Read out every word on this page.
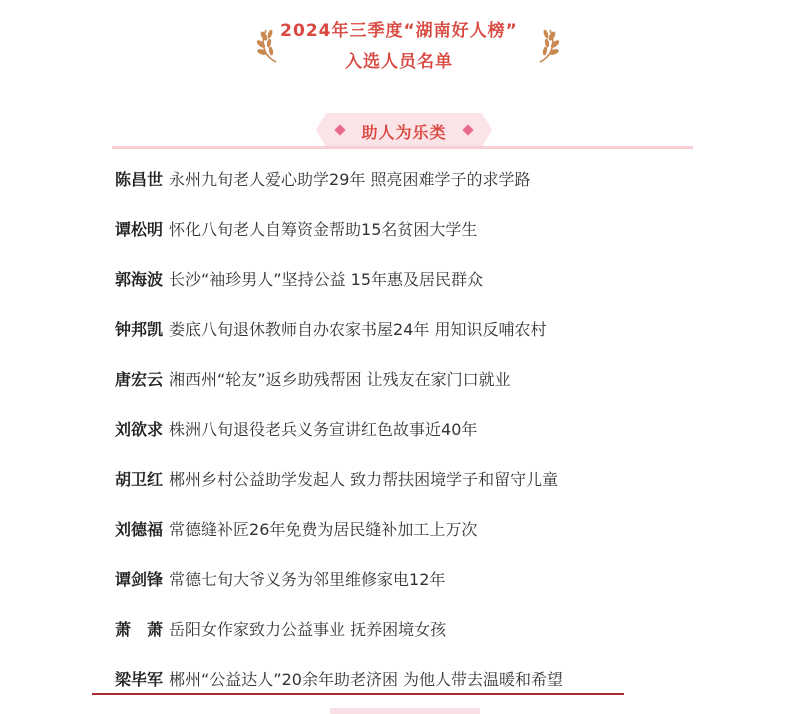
2024年三季度“湖南好人榜”
入选人员名单
助人为乐类
陈昌世 永州九旬老人爱心助学29年 照亮困难学子的求学路
谭松明 怀化八旬老人自筹资金帮助15名贫困大学生
郭海波 长沙“袖珍男人”坚持公益 15年惠及居民群众
钟邦凯 娄底八旬退休教师自办农家书屋24年 用知识反哺农村
唐宏云 湘西州“轮友”返乡助残帮困 让残友在家门口就业
刘欲求 株洲八旬退役老兵义务宣讲红色故事近40年
胡卫红 郴州乡村公益助学发起人 致力帮扶困境学子和留守儿童
刘德福 常德缝补匠26年免费为居民缝补加工上万次
谭剑锋 常德七旬大爷义务为邻里维修家电12年
萧　萧 岳阳女作家致力公益事业 抚养困境女孩
梁毕军 郴州“公益达人”20余年助老济困 为他人带去温暖和希望
